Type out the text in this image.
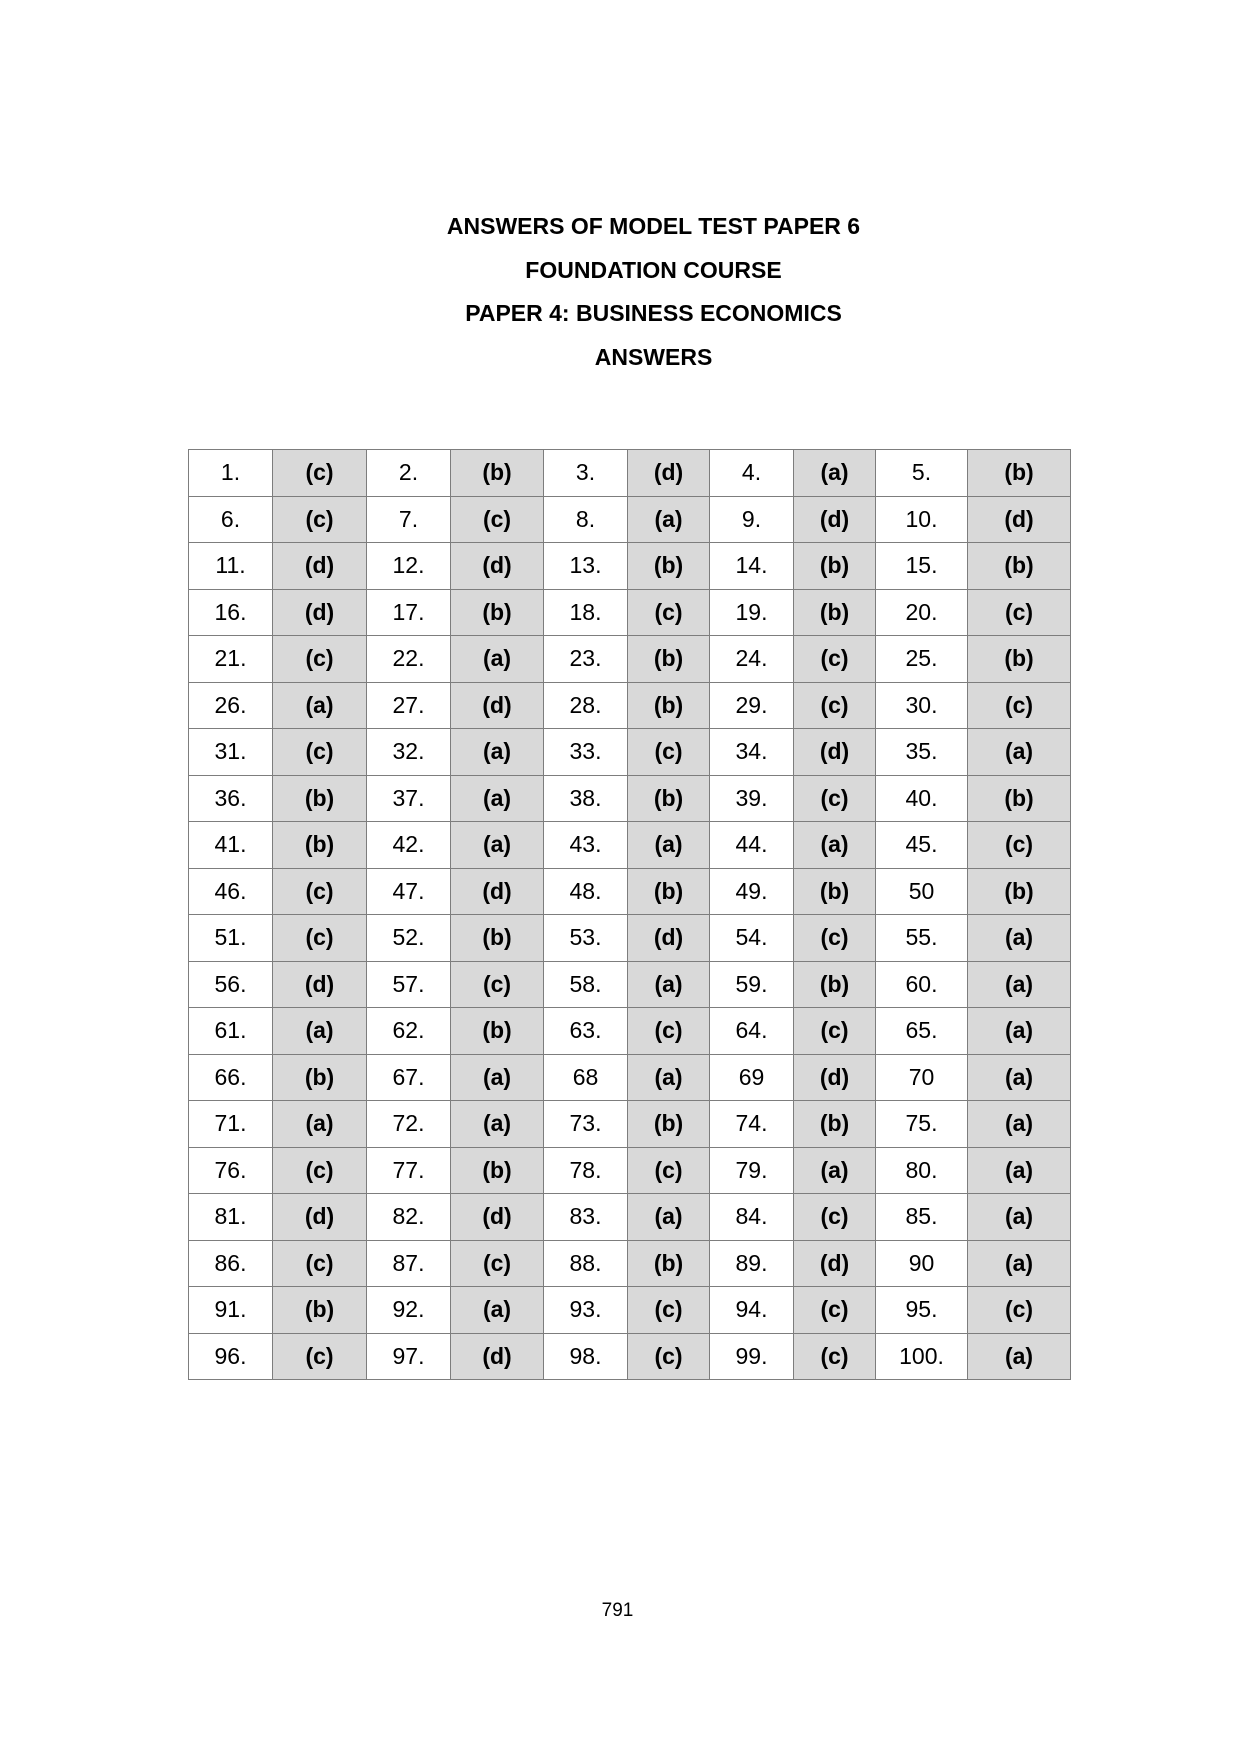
ANSWERS OF MODEL TEST PAPER 6
FOUNDATION COURSE
PAPER 4: BUSINESS ECONOMICS
ANSWERS
1.	(c)	2.	(b)	3.	(d)	4.	(a)	5.	(b)
6.	(c)	7.	(c)	8.	(a)	9.	(d)	10.	(d)
11.	(d)	12.	(d)	13.	(b)	14.	(b)	15.	(b)
16.	(d)	17.	(b)	18.	(c)	19.	(b)	20.	(c)
21.	(c)	22.	(a)	23.	(b)	24.	(c)	25.	(b)
26.	(a)	27.	(d)	28.	(b)	29.	(c)	30.	(c)
31.	(c)	32.	(a)	33.	(c)	34.	(d)	35.	(a)
36.	(b)	37.	(a)	38.	(b)	39.	(c)	40.	(b)
41.	(b)	42.	(a)	43.	(a)	44.	(a)	45.	(c)
46.	(c)	47.	(d)	48.	(b)	49.	(b)	50	(b)
51.	(c)	52.	(b)	53.	(d)	54.	(c)	55.	(a)
56.	(d)	57.	(c)	58.	(a)	59.	(b)	60.	(a)
61.	(a)	62.	(b)	63.	(c)	64.	(c)	65.	(a)
66.	(b)	67.	(a)	68	(a)	69	(d)	70	(a)
71.	(a)	72.	(a)	73.	(b)	74.	(b)	75.	(a)
76.	(c)	77.	(b)	78.	(c)	79.	(a)	80.	(a)
81.	(d)	82.	(d)	83.	(a)	84.	(c)	85.	(a)
86.	(c)	87.	(c)	88.	(b)	89.	(d)	90	(a)
91.	(b)	92.	(a)	93.	(c)	94.	(c)	95.	(c)
96.	(c)	97.	(d)	98.	(c)	99.	(c)	100.	(a)
791
